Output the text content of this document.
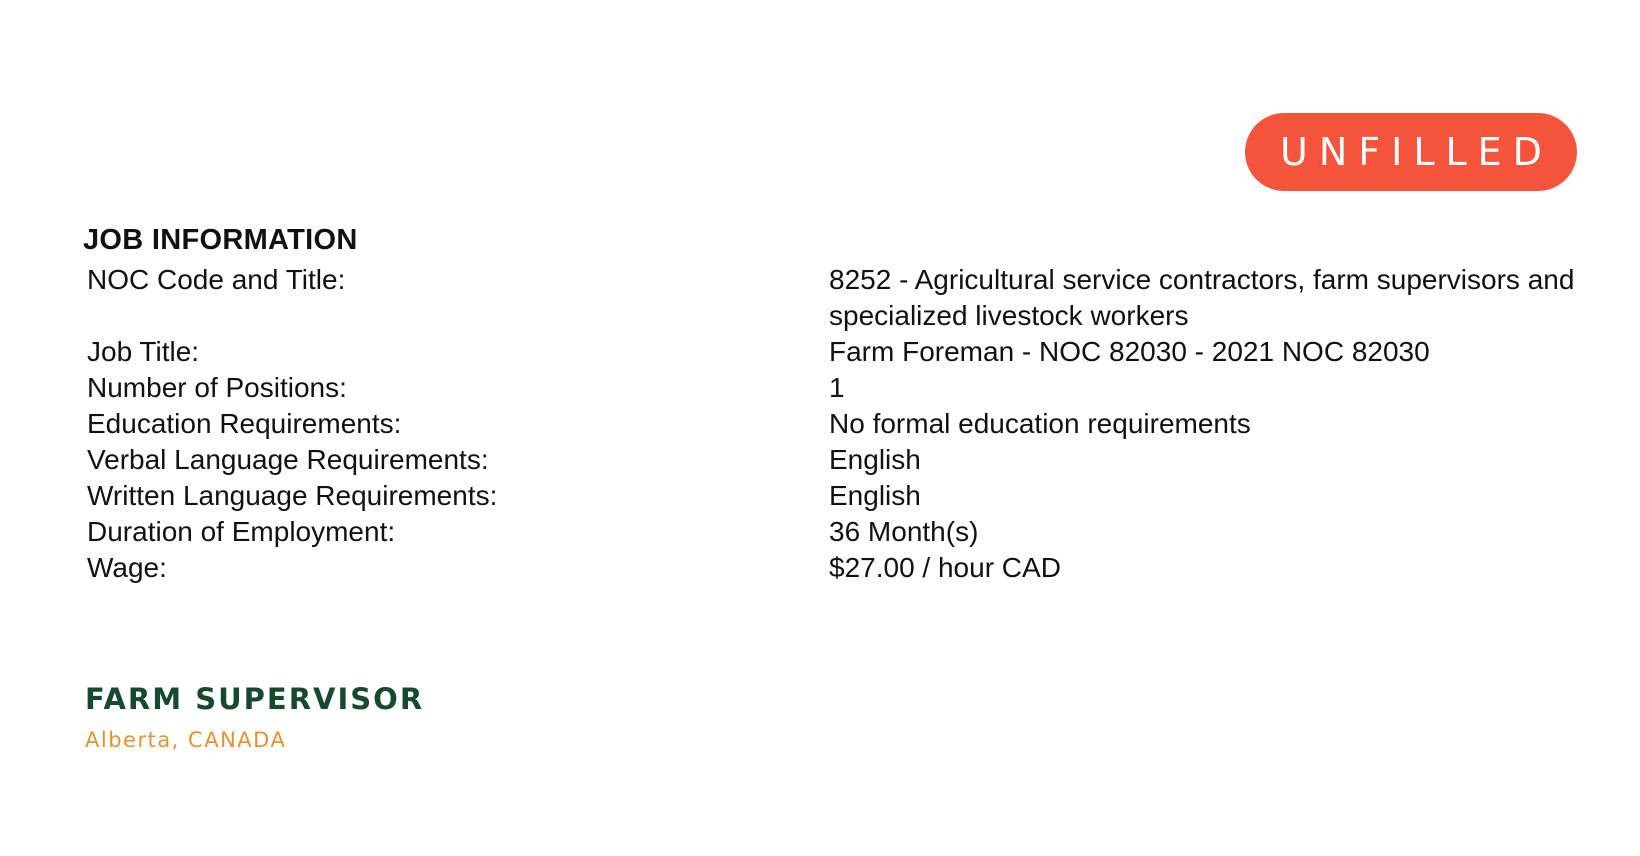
UNFILLED
JOB INFORMATION
NOC Code and Title:	8252 - Agricultural service contractors, farm supervisors and specialized livestock workers
Job Title:	Farm Foreman - NOC 82030 - 2021 NOC 82030
Number of Positions:	1
Education Requirements:	No formal education requirements
Verbal Language Requirements:	English
Written Language Requirements:	English
Duration of Employment:	36 Month(s)
Wage:	$27.00 / hour CAD
FARM SUPERVISOR
Alberta, CANADA
